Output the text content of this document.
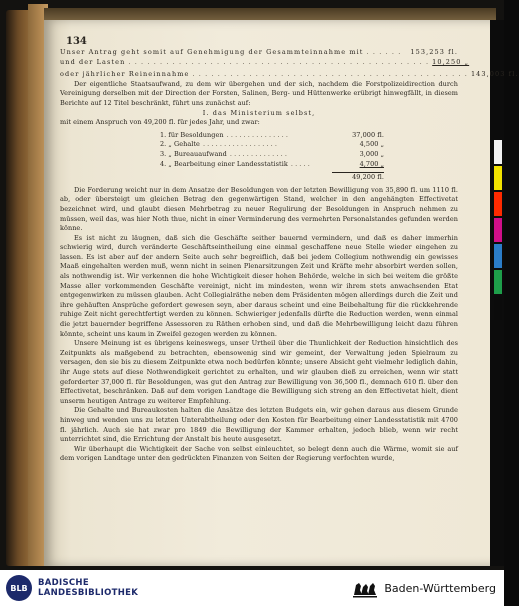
134
Unser Antrag geht somit auf Genehmigung der Gesammteinnahme mit . . . . . .	153,253 fl.
und der Lasten . . . . . . . . . . . . . . . . . . . . . . . . . . . . . . . . . . . . . . . . . . . . . . . . 10,250 „
oder jährlicher Reineinnahme . . . . . . . . . . . . . . . . . . . . . . . . . . . . . . . . . . . . . . . . . . . . 143,003 fl.

Der eigentliche Staatsaufwand, zu dem wir übergehen und der sich, nachdem die Forstpolizeidirection durch Vereinigung derselben mit der Direction der Forsten, Salinen, Berg- und Hüttenwerke erübrigt hinwegfällt, in diesem Berichte auf 12 Titel beschränkt, führt uns zunächst auf:

I. das Ministerium selbst,
mit einem Anspruch von 49,200 fl. für jedes Jahr, und zwar:
1. für Besoldungen . . . . . . . . . . . . . . .	37,000 fl.
2. „ Gehalte . . . . . . . . . . . . . . . . . .	4,500 „
3. „ Bureauaufwand . . . . . . . . . . . . . .	3,000 „
4. „ Bearbeitung einer Landesstatistik . . . . .	4,700 „
49,200 fl.

Die Forderung weicht nur in dem Ansatze der Besoldungen von der letzten Bewilligung von 35,890 fl. um 1110 fl. ab, oder übersteigt um gleichen Betrag den gegenwärtigen Stand, welcher in den angehängten Effectivetat bezeichnet wird, und glaubt diesen Mehrbetrag zu neuer Regulirung der Besoldungen in Anspruch nehmen zu müssen, weil das, was hier Noth thue, nicht in einer Verminderung des vermehrten Personalstandes gefunden werden könne.

Es ist nicht zu läugnen, daß sich die Geschäfte seither bauernd vermindern, und daß es daher immerhin schwierig wird, durch veränderte Geschäftseintheilung eine einmal geschaffene neue Stelle wieder eingehen zu lassen. Es ist aber auf der andern Seite auch sehr begreiflich, daß bei jedem Collegium nothwendig ein gewisses Maaß eingehalten werden muß, wenn nicht in seinen Plenarsitzungen Zeit und Kräfte mehr absorbirt werden sollen, als nothwendig ist. Wir verkennen die hohe Wichtigkeit dieser hohen Behörde, welche in sich bei weitem die größte Masse aller vorkommenden Geschäfte vereinigt, nicht im mindesten, wenn wir ihrem stets anwachsenden Etat entgegenwirken zu müssen glauben. Acht Collegialräthe neben dem Präsidenten mögen allerdings durch die Zeit und ihre gehäuften Ansprüche gefordert gewesen seyn, aber daraus scheint und eine Beibehaltung für die rückkehrende ruhige Zeit nicht gerechtfertigt werden zu können. Schwieriger jedenfalls dürfte die Reduction werden, wenn einmal die jetzt bauernder begriffene Assessoren zu Räthen erhoben sind, und daß die Mehrbewilligung leicht dazu führen könnte, scheint uns kaum in Zweifel gezogen werden zu können.

Unsere Meinung ist es übrigens keineswegs, unser Urtheil über die Thunlichkeit der Reduction hinsichtlich des Zeitpunkts als maßgebend zu betrachten, ebensowenig sind wir gemeint, der Verwaltung jeden Spielraum zu versagen, den sie bis zu diesem Zeitpunkte etwa noch bedürfen könnte; unsere Absicht geht vielmehr lediglich dahin, ihr Auge stets auf diese Nothwendigkeit gerichtet zu erhalten, und wir glauben dieß zu erreichen, wenn wir statt geforderter 37,000 fl. für Besoldungen, was gut den Antrag zur Bewilligung von 36,500 fl., demnach 610 fl. über den Effectivetat, beschränken. Daß auf dem vorigen Landtage die Bewilligung sich streng an den Effectivetat hielt, dient unserm heutigen Antrage zu weiterer Empfehlung.

Die Gehalte und Bureaukosten halten die Ansätze des letzten Budgets ein, wir gehen daraus aus diesem Grunde hinweg und wenden uns zu letzten Unterabtheilung oder den Kosten für Bearbeitung einer Landesstatistik mit 4700 fl. jährlich. Auch sie hat zwar pro 1849 die Bewilligung der Kammer erhalten, jedoch blieb, wenn wir recht unterrichtet sind, die Errichtung der Anstalt bis heute ausgesetzt.

Wir überhaupt die Wichtigkeit der Sache von selbst einleuchtet, so belegt denn auch die Wärme, womit sie auf dem vorigen Landtage unter den gedrückten Finanzen von Seiten der Regierung verfochten wurde,

BLB	BADISCHE
LANDESBIBLIOTHEK	Baden-Württemberg
